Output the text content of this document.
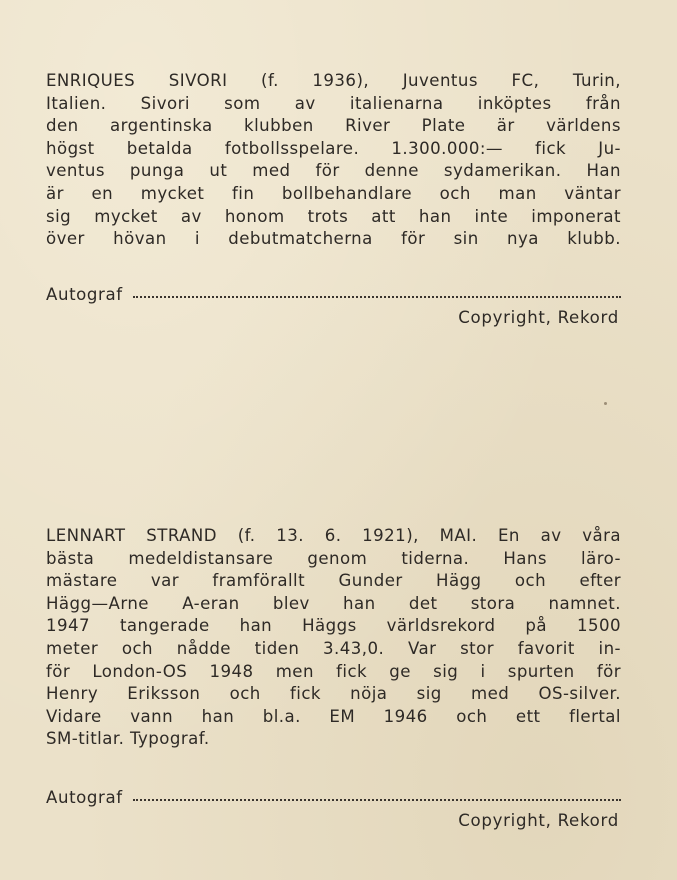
ENRIQUES SIVORI (f. 1936), Juventus FC, Turin,
Italien. Sivori som av italienarna inköptes från
den argentinska klubben River Plate är världens
högst betalda fotbollsspelare. 1.300.000:— fick Ju-
ventus punga ut med för denne sydamerikan. Han
är en mycket fin bollbehandlare och man väntar
sig mycket av honom trots att han inte imponerat
över hövan i debutmatcherna för sin nya klubb.

Autograf
Copyright, Rekord

LENNART STRAND (f. 13. 6. 1921), MAI. En av våra
bästa medeldistansare genom tiderna. Hans läro-
mästare var framförallt Gunder Hägg och efter
Hägg—Arne A-eran blev han det stora namnet.
1947 tangerade han Häggs världsrekord på 1500
meter och nådde tiden 3.43,0. Var stor favorit in-
för London-OS 1948 men fick ge sig i spurten för
Henry Eriksson och fick nöja sig med OS-silver.
Vidare vann han bl.a. EM 1946 och ett flertal
SM-titlar. Typograf.

Autograf
Copyright, Rekord
